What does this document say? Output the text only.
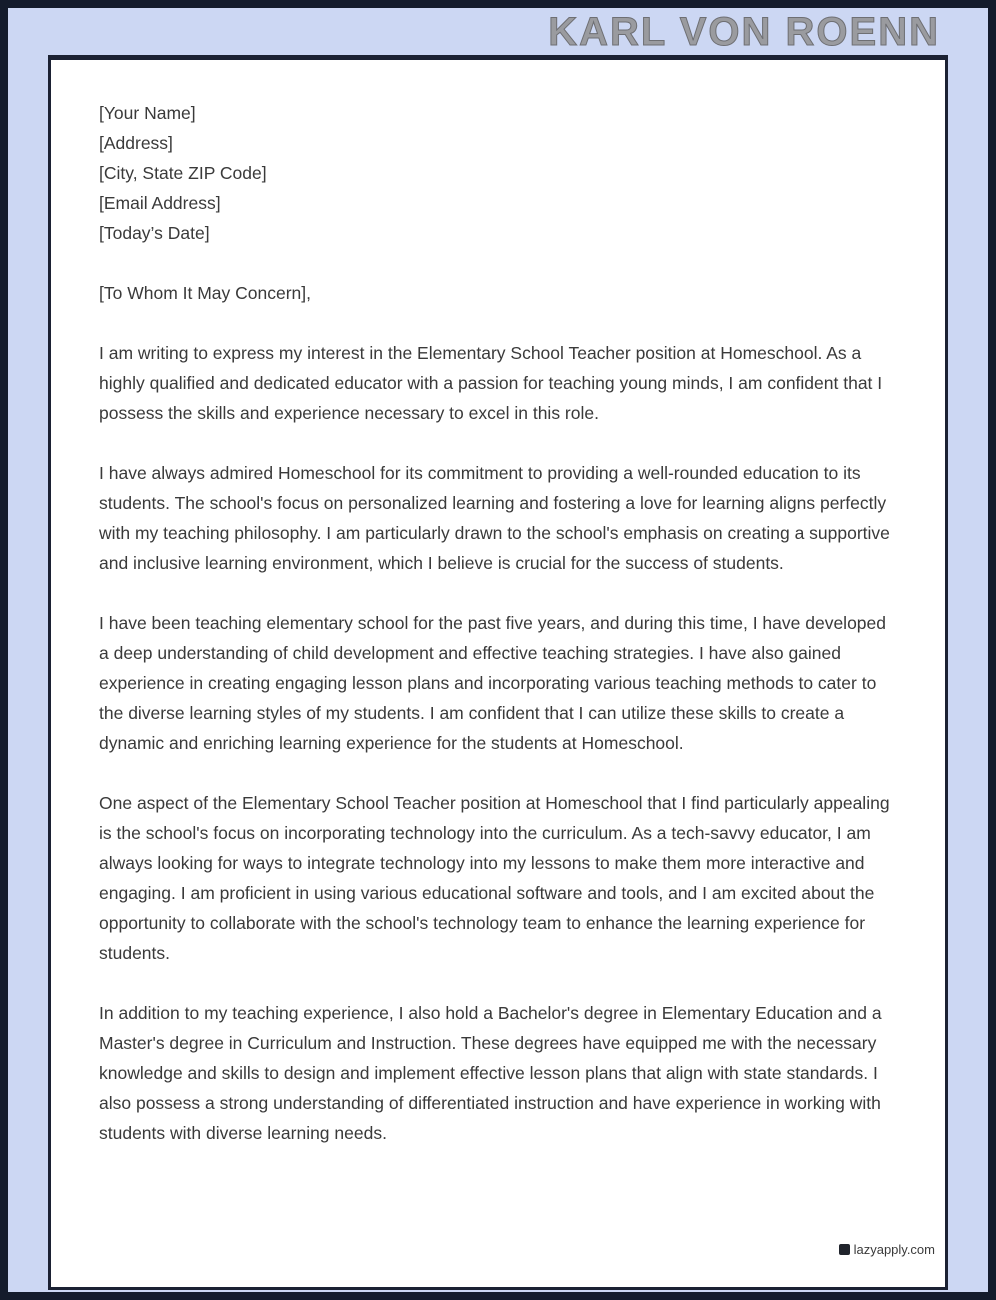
KARL VON ROENN

[Your Name]

[Address]

[City, State ZIP Code]

[Email Address]

[Today’s Date]

[To Whom It May Concern],

I am writing to express my interest in the Elementary School Teacher position at Homeschool. As a highly qualified and dedicated educator with a passion for teaching young minds, I am confident that I possess the skills and experience necessary to excel in this role.

I have always admired Homeschool for its commitment to providing a well-rounded education to its students. The school's focus on personalized learning and fostering a love for learning aligns perfectly with my teaching philosophy. I am particularly drawn to the school's emphasis on creating a supportive and inclusive learning environment, which I believe is crucial for the success of students.

I have been teaching elementary school for the past five years, and during this time, I have developed a deep understanding of child development and effective teaching strategies. I have also gained experience in creating engaging lesson plans and incorporating various teaching methods to cater to the diverse learning styles of my students. I am confident that I can utilize these skills to create a dynamic and enriching learning experience for the students at Homeschool.

One aspect of the Elementary School Teacher position at Homeschool that I find particularly appealing is the school's focus on incorporating technology into the curriculum. As a tech-savvy educator, I am always looking for ways to integrate technology into my lessons to make them more interactive and engaging. I am proficient in using various educational software and tools, and I am excited about the opportunity to collaborate with the school's technology team to enhance the learning experience for students.

In addition to my teaching experience, I also hold a Bachelor's degree in Elementary Education and a Master's degree in Curriculum and Instruction. These degrees have equipped me with the necessary knowledge and skills to design and implement effective lesson plans that align with state standards. I also possess a strong understanding of differentiated instruction and have experience in working with students with diverse learning needs.

lazyapply.com
